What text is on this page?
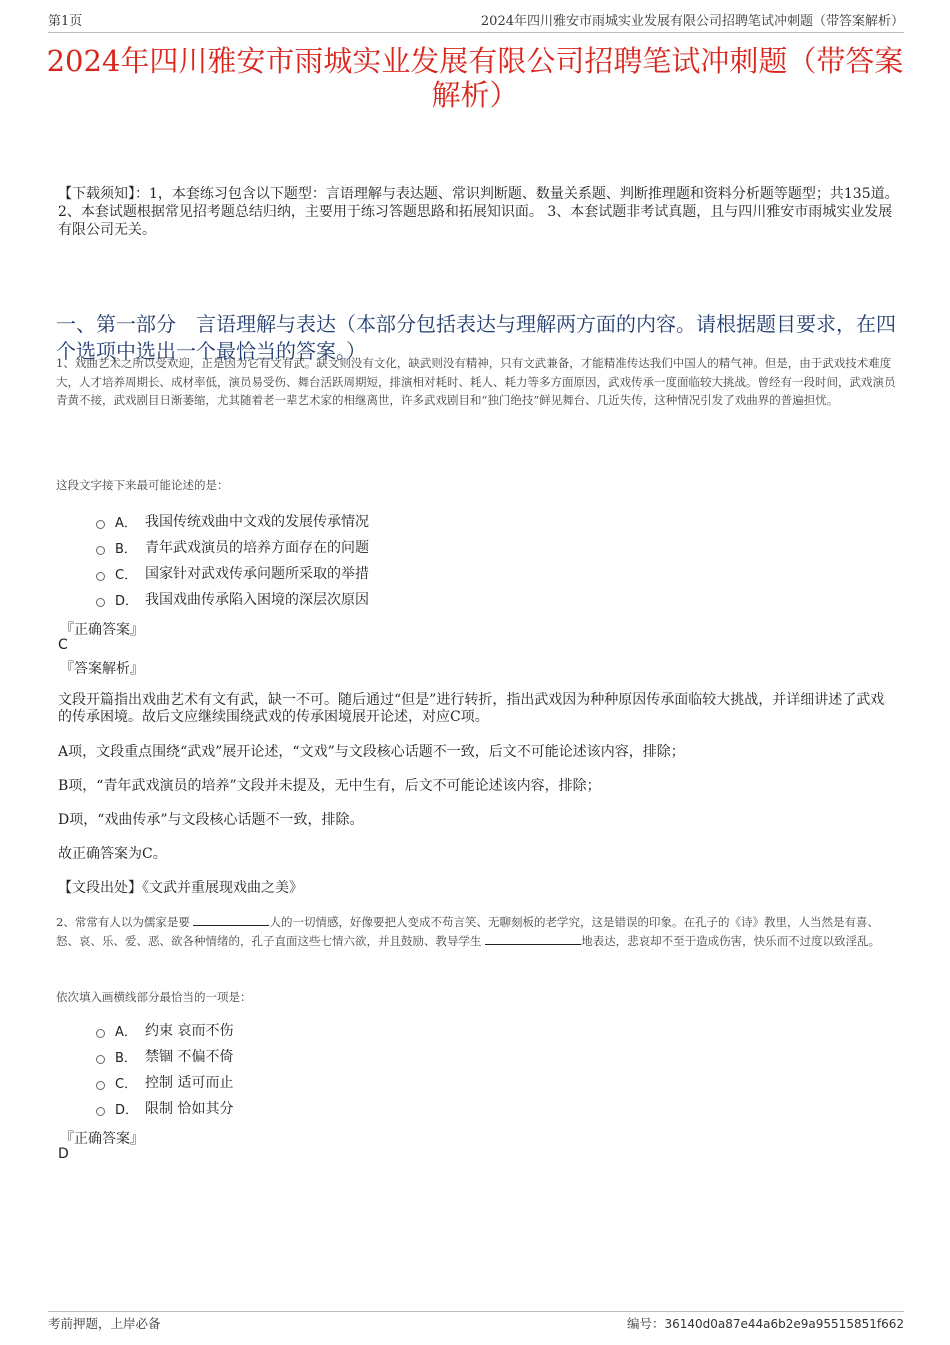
第1页	2024年四川雅安市雨城实业发展有限公司招聘笔试冲刺题（带答案解析）
2024年四川雅安市雨城实业发展有限公司招聘笔试冲刺题（带答案解析）
【下载须知】：1，本套练习包含以下题型：言语理解与表达题、常识判断题、数量关系题、判断推理题和资料分析题等题型；共135道。 2、本套试题根据常见招考题总结归纳，主要用于练习答题思路和拓展知识面。 3、本套试题非考试真题，且与四川雅安市雨城实业发展有限公司无关。
一、第一部分　言语理解与表达（本部分包括表达与理解两方面的内容。请根据题目要求，在四个选项中选出一个最恰当的答案。）
1、戏曲艺术之所以受欢迎，正是因为它有文有武。缺文则没有文化，缺武则没有精神，只有文武兼备，才能精准传达我们中国人的精气神。但是，由于武戏技术难度大，人才培养周期长、成材率低，演员易受伤、舞台活跃周期短，排演相对耗时、耗人、耗力等多方面原因，武戏传承一度面临较大挑战。曾经有一段时间，武戏演员青黄不接，武戏剧目日渐萎缩，尤其随着老一辈艺术家的相继离世，许多武戏剧目和“独门绝技”鲜见舞台、几近失传，这种情况引发了戏曲界的普遍担忧。
这段文字接下来最可能论述的是：
A． 我国传统戏曲中文戏的发展传承情况
B． 青年武戏演员的培养方面存在的问题
C． 国家针对武戏传承问题所采取的举措
D． 我国戏曲传承陷入困境的深层次原因
『正确答案』
C
『答案解析』
文段开篇指出戏曲艺术有文有武，缺一不可。随后通过“但是”进行转折，指出武戏因为种种原因传承面临较大挑战，并详细讲述了武戏的传承困境。故后文应继续围绕武戏的传承困境展开论述，对应C项。
A项，文段重点围绕“武戏”展开论述，“文戏”与文段核心话题不一致，后文不可能论述该内容，排除；
B项，“青年武戏演员的培养”文段并未提及，无中生有，后文不可能论述该内容，排除；
D项，“戏曲传承”与文段核心话题不一致，排除。
故正确答案为C。
【文段出处】《文武并重展现戏曲之美》
2、常常有人以为儒家是要	人的一切情感，好像要把人变成不苟言笑、无聊刻板的老学究，这是错误的印象。在孔子的《诗》教里，人当然是有喜、怒、哀、乐、爱、恶、欲各种情绪的，孔子直面这些七情六欲，并且鼓励、教导学生	地表达，悲哀却不至于造成伤害，快乐而不过度以致淫乱。
依次填入画横线部分最恰当的一项是：
A． 约束 哀而不伤
B． 禁锢 不偏不倚
C． 控制 适可而止
D． 限制 恰如其分
『正确答案』
D
考前押题，上岸必备	编号：36140d0a87e44a6b2e9a95515851f662
